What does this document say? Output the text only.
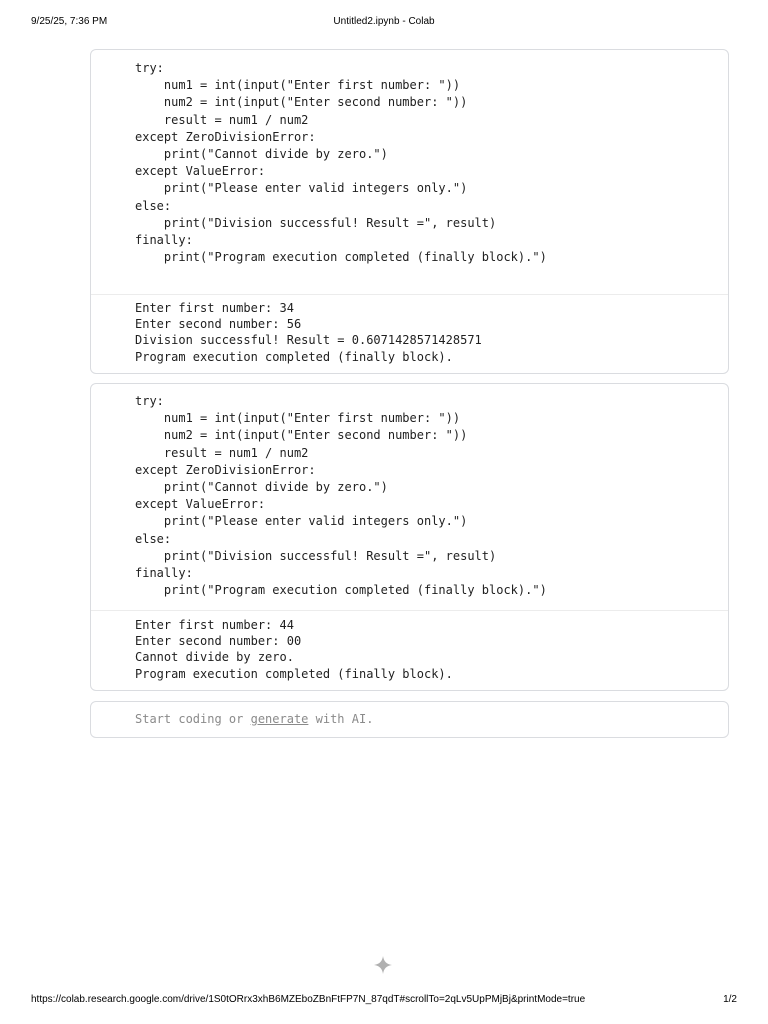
9/25/25, 7:36 PM	Untitled2.ipynb - Colab
try:
num1 = int(input("Enter first number: "))
num2 = int(input("Enter second number: "))
result = num1 / num2
except ZeroDivisionError:
print("Cannot divide by zero.")
except ValueError:
print("Please enter valid integers only.")
else:
print("Division successful! Result =", result)
finally:
print("Program execution completed (finally block).")
Enter first number: 34
Enter second number: 56
Division successful! Result = 0.6071428571428571
Program execution completed (finally block).
try:
num1 = int(input("Enter first number: "))
num2 = int(input("Enter second number: "))
result = num1 / num2
except ZeroDivisionError:
print("Cannot divide by zero.")
except ValueError:
print("Please enter valid integers only.")
else:
print("Division successful! Result =", result)
finally:
print("Program execution completed (finally block).")
Enter first number: 44
Enter second number: 00
Cannot divide by zero.
Program execution completed (finally block).
Start coding or generate with AI.
https://colab.research.google.com/drive/1S0tORrx3xhB6MZEboZBnFtFP7N_87qdT#scrollTo=2qLv5UpPMjBj&printMode=true	1/2
